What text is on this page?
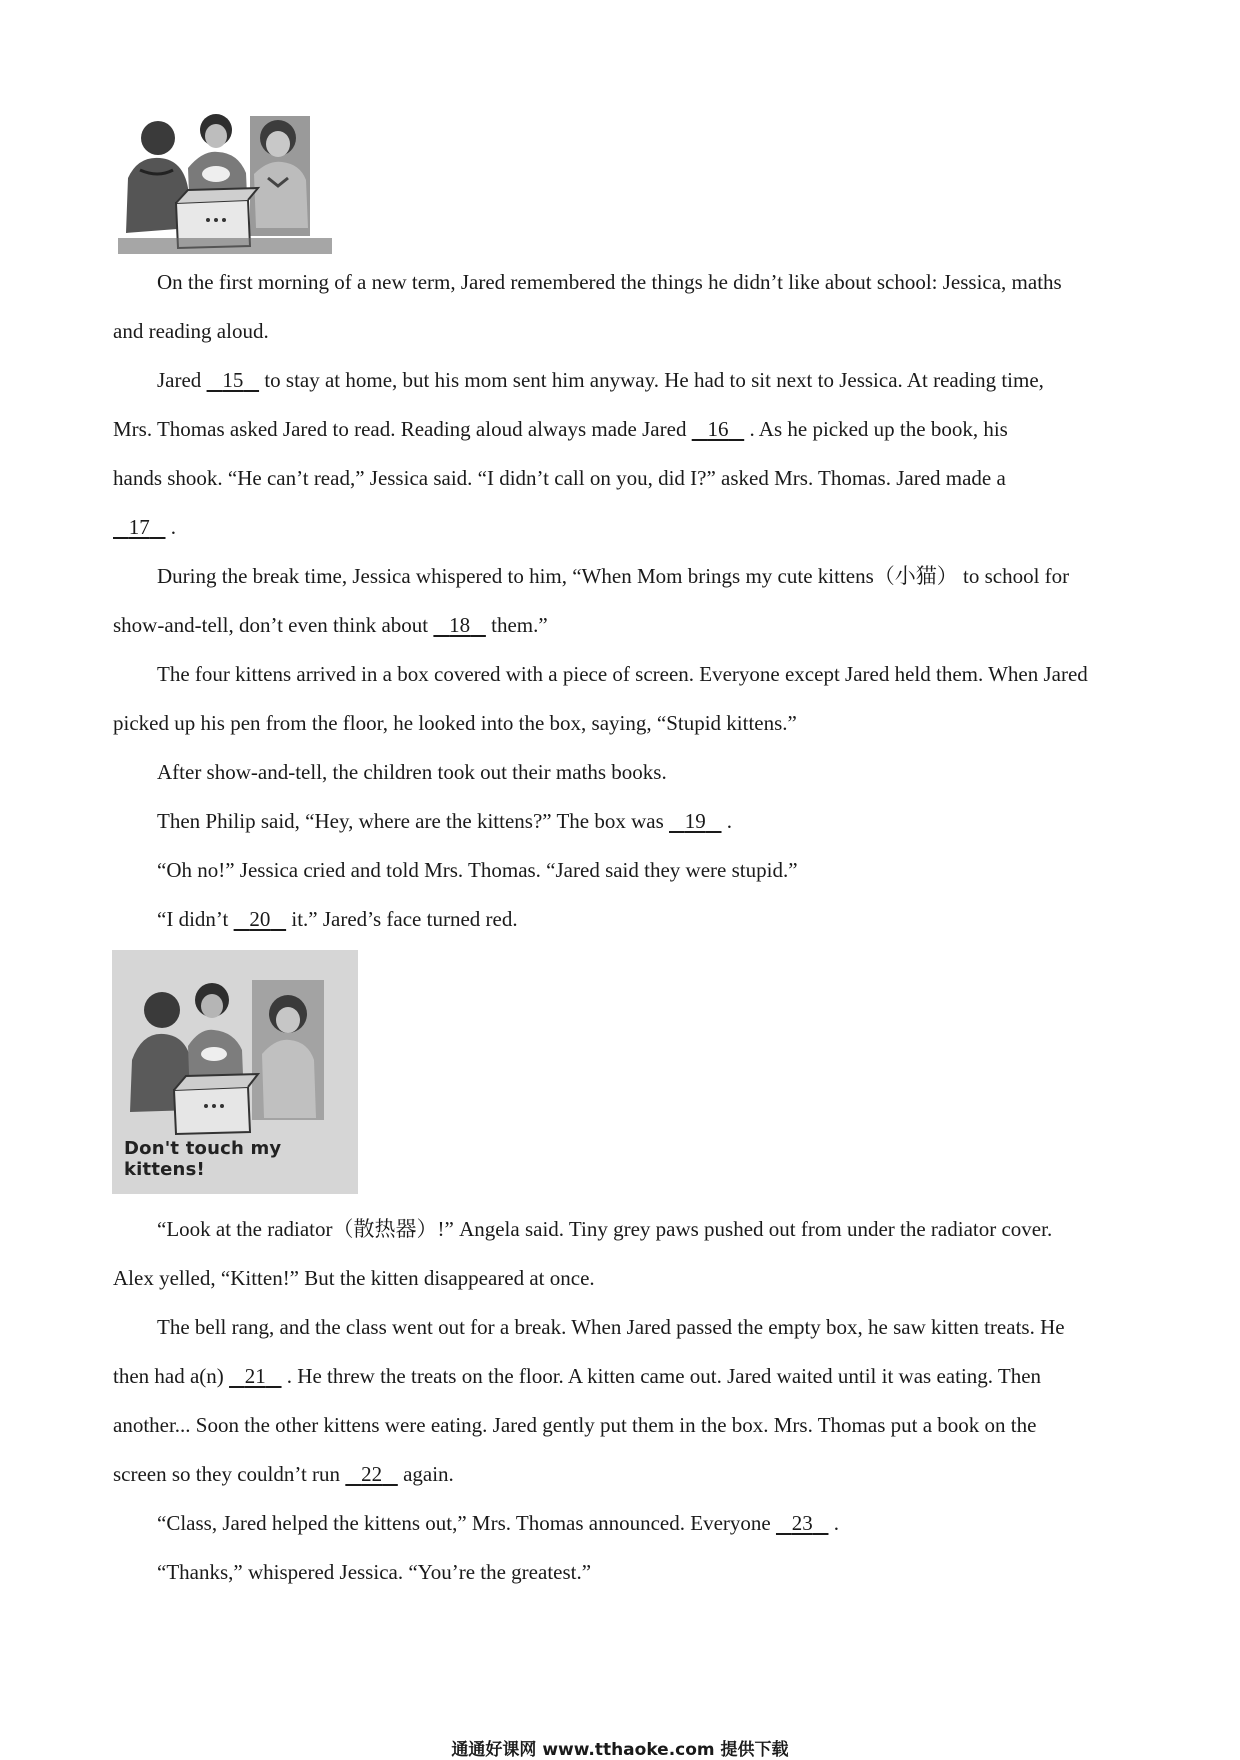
On the first morning of a new term, Jared remembered the things he didn’t like about school: Jessica, maths
and reading aloud.
Jared    15    to stay at home, but his mom sent him anyway. He had to sit next to Jessica. At reading time,
Mrs. Thomas asked Jared to read. Reading aloud always made Jared    16    . As he picked up the book, his
hands shook. “He can’t read,” Jessica said. “I didn’t call on you, did I?” asked Mrs. Thomas. Jared made a
17    .
During the break time, Jessica whispered to him, “When Mom brings my cute kittens（小猫） to school for
show-and-tell, don’t even think about    18    them.”
The four kittens arrived in a box covered with a piece of screen. Everyone except Jared held them. When Jared
picked up his pen from the floor, he looked into the box, saying, “Stupid kittens.”
After show-and-tell, the children took out their maths books.
Then Philip said, “Hey, where are the kittens?” The box was    19    .
“Oh no!” Jessica cried and told Mrs. Thomas. “Jared said they were stupid.”
“I didn’t    20    it.” Jared’s face turned red.
Don't touch my kittens!
“Look at the radiator（散热器）!” Angela said. Tiny grey paws pushed out from under the radiator cover.
Alex yelled, “Kitten!” But the kitten disappeared at once.
The bell rang, and the class went out for a break. When Jared passed the empty box, he saw kitten treats. He
then had a(n)    21    . He threw the treats on the floor. A kitten came out. Jared waited until it was eating. Then
another... Soon the other kittens were eating. Jared gently put them in the box. Mrs. Thomas put a book on the
screen so they couldn’t run    22    again.
“Class, Jared helped the kittens out,” Mrs. Thomas announced. Everyone    23    .
“Thanks,” whispered Jessica. “You’re the greatest.”
通通好课网 www.tthaoke.com 提供下载
